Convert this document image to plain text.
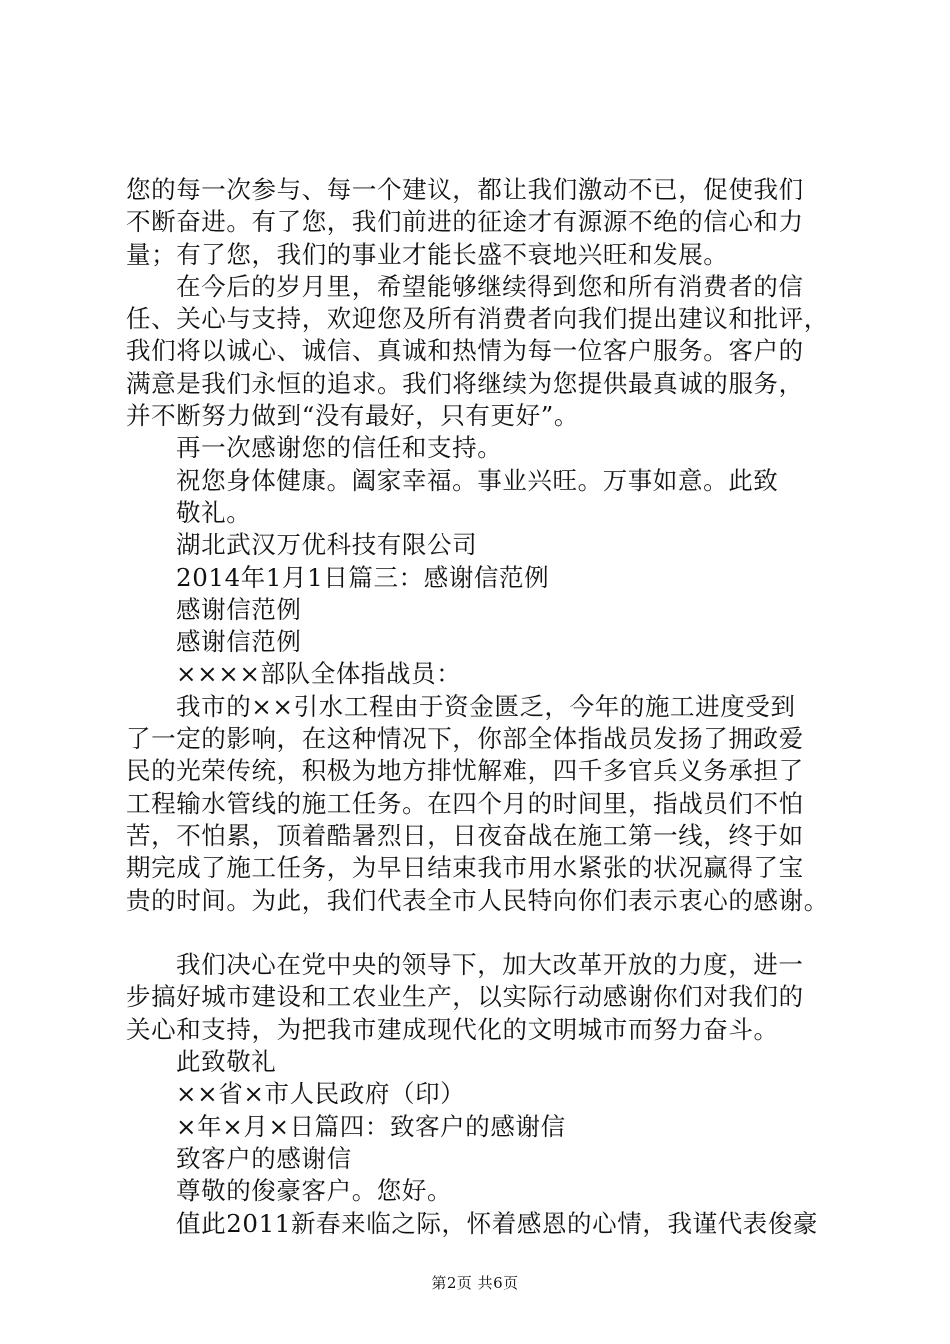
您的每一次参与、每一个建议，都让我们激动不已，促使我们
不断奋进。有了您，我们前进的征途才有源源不绝的信心和力
量；有了您，我们的事业才能长盛不衰地兴旺和发展。
在今后的岁月里，希望能够继续得到您和所有消费者的信
任、关心与支持，欢迎您及所有消费者向我们提出建议和批评，
我们将以诚心、诚信、真诚和热情为每一位客户服务。客户的
满意是我们永恒的追求。我们将继续为您提供最真诚的服务，
并不断努力做到“没有最好，只有更好”。
再一次感谢您的信任和支持。
祝您身体健康。阖家幸福。事业兴旺。万事如意。此致
敬礼。
湖北武汉万优科技有限公司
2014年1月1日篇三：感谢信范例
感谢信范例
感谢信范例
××××部队全体指战员：
我市的××引水工程由于资金匮乏，今年的施工进度受到
了一定的影响，在这种情况下，你部全体指战员发扬了拥政爱
民的光荣传统，积极为地方排忧解难，四千多官兵义务承担了
工程输水管线的施工任务。在四个月的时间里，指战员们不怕
苦，不怕累，顶着酷暑烈日，日夜奋战在施工第一线，终于如
期完成了施工任务，为早日结束我市用水紧张的状况赢得了宝
贵的时间。为此，我们代表全市人民特向你们表示衷心的感谢。
我们决心在党中央的领导下，加大改革开放的力度，进一
步搞好城市建设和工农业生产，以实际行动感谢你们对我们的
关心和支持，为把我市建成现代化的文明城市而努力奋斗。
此致敬礼
××省×市人民政府（印）
×年×月×日篇四：致客户的感谢信
致客户的感谢信
尊敬的俊豪客户。您好。
值此2011新春来临之际，怀着感恩的心情，我谨代表俊豪
第2页 共6页
